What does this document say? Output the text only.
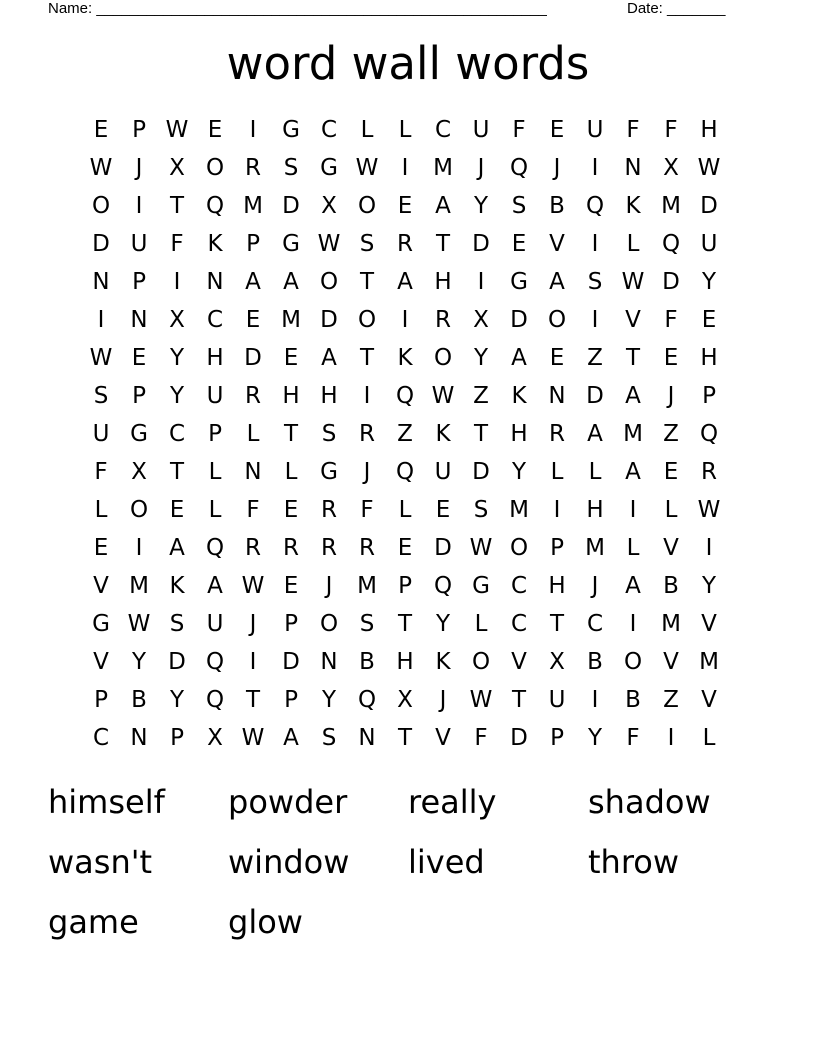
Name: ______________________________________________________	Date: _______
word wall words
E	P W E	I	G C	L	L	C U F	E U F	F H
W	J	X O R S G W	I	M	J	Q	J	I	N X W
O	I	T Q M D X O E A	Y	S B Q K M D
D U F	K	P G W S R T D E V	I	L Q U
N P	I	N A A O T	A H	I	G A S W D Y
I	N X C E M D O	I	R X D O	I	V	F	E
W E	Y H D E A	T	K O Y	A E Z	T	E H
S	P	Y U R H H	I	Q W Z K N D A	J	P
U G C	P	L	T	S R Z K	T H R A M Z Q
F	X	T	L N L G	J	Q U D Y	L	L	A E R
L O E	L	F	E R	F	L	E	S M	I	H	I	L W
E	I	A Q R R R R E D W O P M L	V	I
V M K A W E	J	M P Q G C H	J	A B	Y
G W S U	J	P O S	T	Y	L	C T C	I	M V
V	Y D Q	I	D N B H K O V X B O V M
P	B	Y Q T	P	Y Q X	J	W T U	I	B Z V
C N P	X W A S N T	V	F D P	Y	F	I	L
himself	powder	really	shadow
wasn't	window	lived	throw
game	glow
